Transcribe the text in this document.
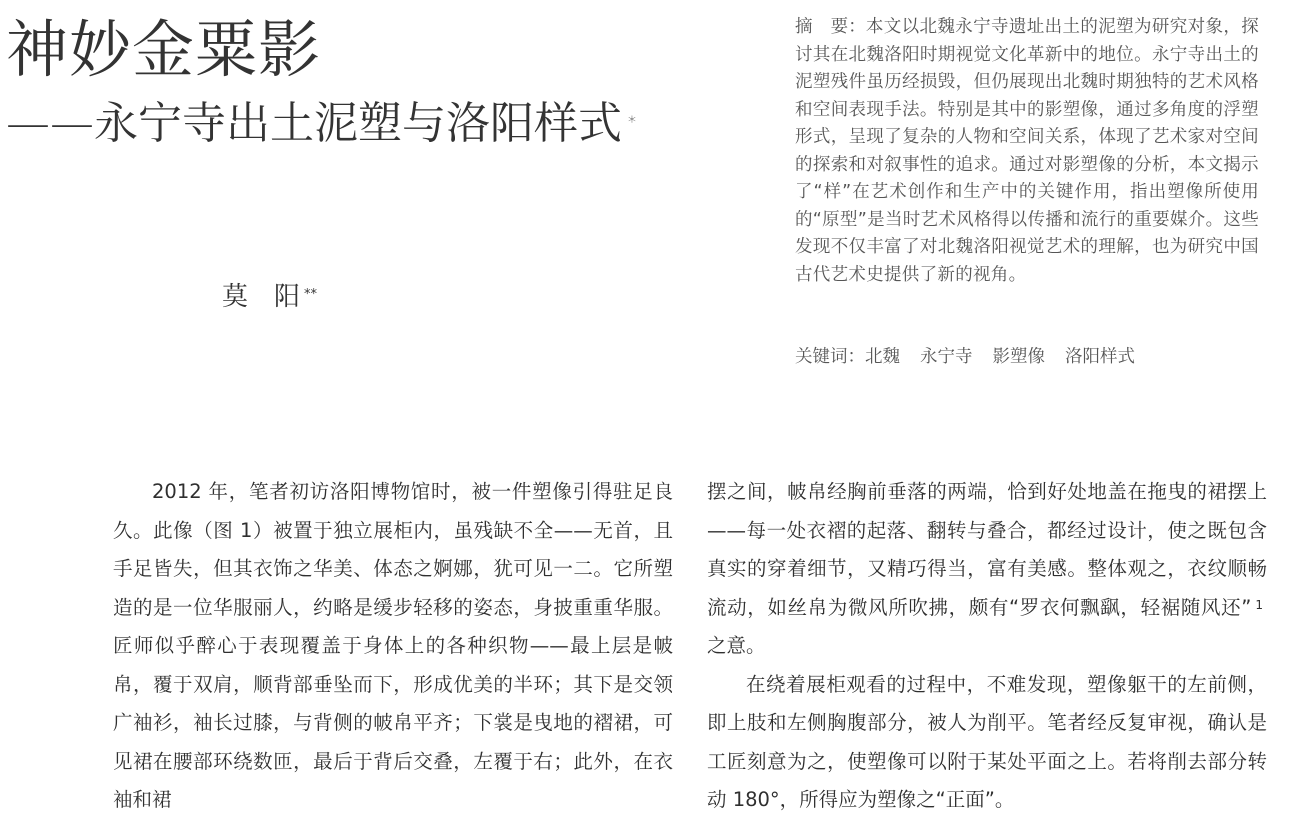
神妙金粟影
——永宁寺出土泥塑与洛阳样式 *
莫 阳 **
摘 要：本文以北魏永宁寺遗址出土的泥塑为研究对象，探讨其在北魏洛阳时期视觉文化革新中的地位。永宁寺出土的泥塑残件虽历经损毁，但仍展现出北魏时期独特的艺术风格和空间表现手法。特别是其中的影塑像，通过多角度的浮塑形式，呈现了复杂的人物和空间关系，体现了艺术家对空间的探索和对叙事性的追求。通过对影塑像的分析，本文揭示了“样”在艺术创作和生产中的关键作用，指出塑像所使用的“原型”是当时艺术风格得以传播和流行的重要媒介。这些发现不仅丰富了对北魏洛阳视觉艺术的理解，也为研究中国古代艺术史提供了新的视角。
关键词：北魏 永宁寺 影塑像 洛阳样式

2012 年，笔者初访洛阳博物馆时，被一件塑像引得驻足良久。此像（图 1）被置于独立展柜内，虽残缺不全——无首，且手足皆失，但其衣饰之华美、体态之婀娜，犹可见一二。它所塑造的是一位华服丽人，约略是缓步轻移的姿态，身披重重华服。匠师似乎醉心于表现覆盖于身体上的各种织物——最上层是帔帛，覆于双肩，顺背部垂坠而下，形成优美的半环；其下是交领广袖衫，袖长过膝，与背侧的帔帛平齐；下裳是曳地的褶裙，可见裙在腰部环绕数匝，最后于背后交叠，左覆于右；此外，在衣袖和裙

摆之间，帔帛经胸前垂落的两端，恰到好处地盖在拖曳的裙摆上——每一处衣褶的起落、翻转与叠合，都经过设计，使之既包含真实的穿着细节，又精巧得当，富有美感。整体观之，衣纹顺畅流动，如丝帛为微风所吹拂，颇有“罗衣何飘飖，轻裾随风还” $^1$之意。

在绕着展柜观看的过程中，不难发现，塑像躯干的左前侧，即上肢和左侧胸腹部分，被人为削平。笔者经反复审视，确认是工匠刻意为之，使塑像可以附于某处平面之上。若将削去部分转动 180°，所得应为塑像之“正面”。
